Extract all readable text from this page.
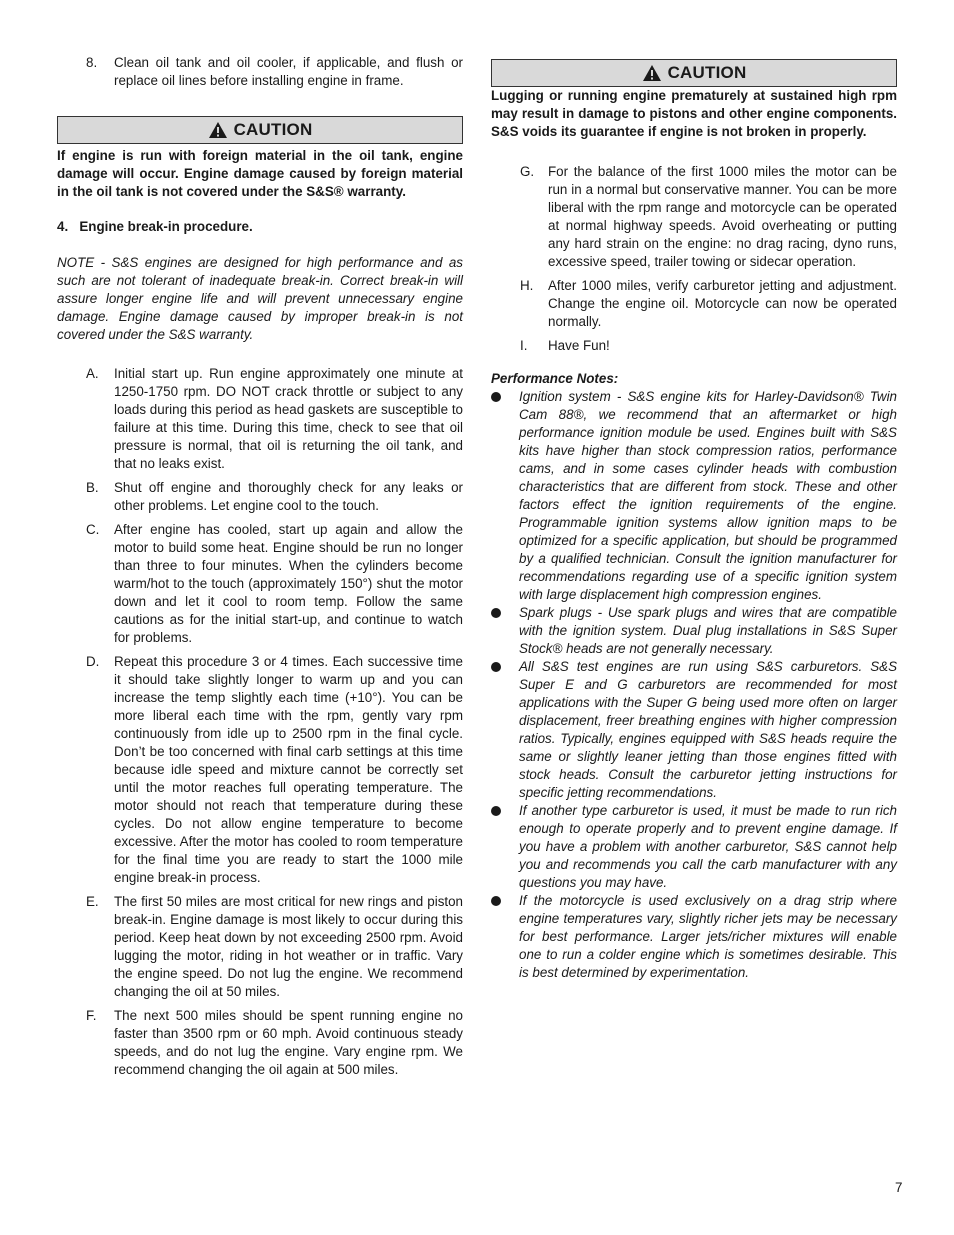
8.	Clean oil tank and oil cooler, if applicable, and flush or replace oil lines before installing engine in frame.

CAUTION

If engine is run with foreign material in the oil tank, engine damage will occur. Engine damage caused by foreign material in the oil tank is not covered under the S&S® warranty.

4.   Engine break-in procedure.

NOTE - S&S engines are designed for high performance and as such are not tolerant of inadequate break-in. Correct break-in will assure longer engine life and will prevent unnecessary engine damage. Engine damage caused by improper break-in is not covered under the S&S warranty.

A.	Initial start up. Run engine approximately one minute at 1250-1750 rpm. DO NOT crack throttle or subject to any loads during this period as head gaskets are susceptible to failure at this time. During this time, check to see that oil pressure is normal, that oil is returning the oil tank, and that no leaks exist.

B.	Shut off engine and thoroughly check for any leaks or other problems. Let engine cool to the touch.

C.	After engine has cooled, start up again and allow the motor to build some heat. Engine should be run no longer than three to four minutes. When the cylinders become warm/hot to the touch (approximately 150°) shut the motor down and let it cool to room temp. Follow the same cautions as for the initial start-up, and continue to watch for problems.

D.	Repeat this procedure 3 or 4 times. Each successive time it should take slightly longer to warm up and you can increase the temp slightly each time (+10°). You can be more liberal each time with the rpm, gently vary rpm continuously from idle up to 2500 rpm in the final cycle. Don’t be too concerned with final carb settings at this time because idle speed and mixture cannot be correctly set until the motor reaches full operating temperature. The motor should not reach that temperature during these cycles. Do not allow engine temperature to become excessive. After the motor has cooled to room temperature for the final time you are ready to start the 1000 mile engine break-in process.

E.	The first 50 miles are most critical for new rings and piston break-in. Engine damage is most likely to occur during this period. Keep heat down by not exceeding 2500 rpm. Avoid lugging the motor, riding in hot weather or in traffic. Vary the engine speed. Do not lug the engine. We recommend changing the oil at 50 miles.

F.	The next 500 miles should be spent running engine no faster than 3500 rpm or 60 mph. Avoid continuous steady speeds, and do not lug the engine. Vary engine rpm. We recommend changing the oil again at 500 miles.

CAUTION

Lugging or running engine prematurely at sustained high rpm may result in damage to pistons and other engine components. S&S voids its guarantee if engine is not broken in properly.

G.	For the balance of the first 1000 miles the motor can be run in a normal but conservative manner. You can be more liberal with the rpm range and motorcycle can be operated at normal highway speeds. Avoid overheating or putting any hard strain on the engine: no drag racing, dyno runs, excessive speed, trailer towing or sidecar operation.

H.	After 1000 miles, verify carburetor jetting and adjustment. Change the engine oil. Motorcycle can now be operated normally.

I.	Have Fun!

Performance Notes:

Ignition system - S&S engine kits for Harley-Davidson® Twin Cam 88®, we recommend that an aftermarket or high performance ignition module be used. Engines built with S&S kits have higher than stock compression ratios, performance cams, and in some cases cylinder heads with combustion characteristics that are different from stock. These and other factors effect the ignition requirements of the engine. Programmable ignition systems allow ignition maps to be optimized for a specific application, but should be programmed by a qualified technician. Consult the ignition manufacturer for recommendations regarding use of a specific ignition system with large displacement high compression engines.

Spark plugs - Use spark plugs and wires that are compatible with the ignition system. Dual plug installations in S&S Super Stock® heads are not generally necessary.

All S&S test engines are run using S&S carburetors. S&S Super E and G carburetors are recommended for most applications with the Super G being used more often on larger displacement, freer breathing engines with higher compression ratios. Typically, engines equipped with S&S heads require the same or slightly leaner jetting than those engines fitted with stock heads. Consult the carburetor jetting instructions for specific jetting recommendations.

If another type carburetor is used, it must be made to run rich enough to operate properly and to prevent engine damage. If you have a problem with another carburetor, S&S cannot help you and recommends you call the carb manufacturer with any questions you may have.

If the motorcycle is used exclusively on a drag strip where engine temperatures vary, slightly richer jets may be necessary for best performance. Larger jets/richer mixtures will enable one to run a colder engine which is sometimes desirable. This is best determined by experimentation.

7
